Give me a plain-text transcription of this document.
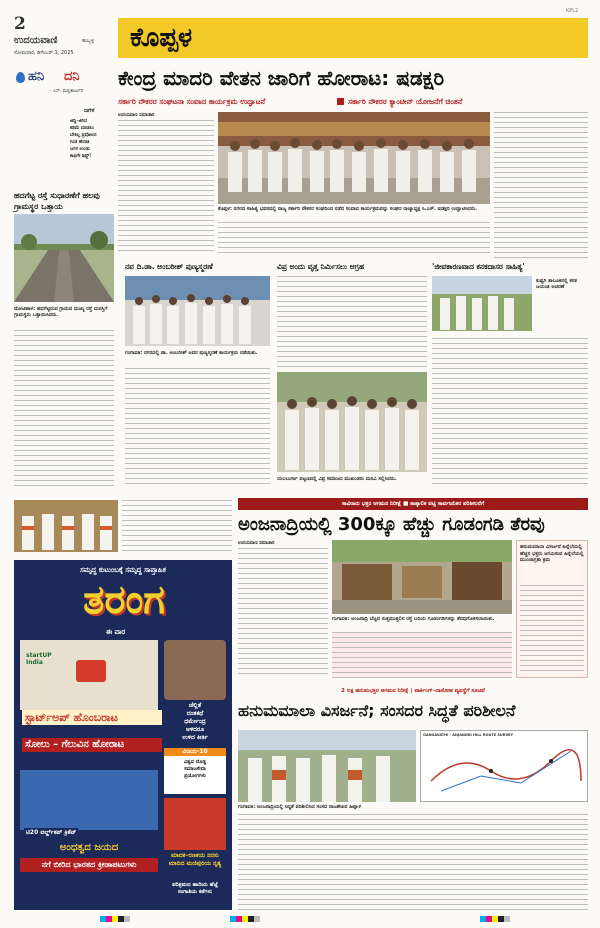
2
ಉದಯವಾಣಿ	ಹುಬ್ಬಳ್ಳಿ
ಸೋಮವಾರ, ಡಿಸೆಂಬರ್ 1, 2025 ಕೊಪ್ಪಳ
KPL2
ಹನಿ ದನಿ
- ಎಸ್. ಮಲ್ಲಿಕಾರ್ಜುನ
ಜಗಳ
ಜಿದ್ದಿ–ಜಿಗಿದ
ಕಡಿಮೆ ಮಾಡಲು
ಬೇಕಿಲ್ಲ ಪ್ರವೋಲನ
ಗಂಡ ಹೆಂಡತಿ
ಜಗಳ ಉಂಡು
ಕಾಫಿಗೇ ಶಿಫ್ಟ್!
ಹದಗೆಟ್ಟ ರಸ್ತೆ ಸುಧಾರಣೆಗೆ ಹಲವು ಗ್ರಾಮಸ್ಥರ ಒತ್ತಾಯ
ದೋಟಿಹಾಳ: ಹದಗೆಟ್ಟಿರುವ ಗ್ರಾಮದ ಮುಖ್ಯ ರಸ್ತೆ ದುರಸ್ತಿಗೆ ಗ್ರಾಮಸ್ಥರು ಒತ್ತಾಯಿಸಿದರು.
ಕೇಂದ್ರ ಮಾದರಿ ವೇತನ ಜಾರಿಗೆ ಹೋರಾಟ: ಷಡಕ್ಷರಿ
ಸರ್ಕಾರಿ ನೌಕರರ ಸಂಘಟನಾ ಸಂವಾದ ಕಾರ್ಯಕ್ರಮ ಉದ್ಘಾಟನೆ	ಸರ್ಕಾರಿ ನೌಕರರ ಕ್ಯಾಂಟೀನ್ ಯೋಜನೆಗೆ ಚಿಂತನೆ
ಉದಯವಾಣಿ ಸಮಾಚಾರ
ಕೊಪ್ಪಳ: ನಗರದ ಸಾಹಿತ್ಯ ಭವನದಲ್ಲಿ ರಾಜ್ಯ ಸರ್ಕಾರಿ ನೌಕರರ ಸಂಘದಿಂದ ನಡೆದ ಸಂವಾದ ಕಾರ್ಯಕ್ರಮವನ್ನು ಸಂಘದ ರಾಜ್ಯಾಧ್ಯಕ್ಷ ಸಿ.ಎಸ್. ಷಡಕ್ಷರಿ ಉದ್ಘಾಟಿಸಿದರು.
ನವ ದಿ.ಡಾ. ಅಂಬರೀಶ್ ಪುಣ್ಯಸ್ಮರಣೆ
ಗಂಗಾವತಿ: ನಗರದಲ್ಲಿ ಡಾ. ಅಂಬರೀಶ್ ಅವರ ಪುಣ್ಯಸ್ಮರಣೆ ಕಾರ್ಯಕ್ರಮ ನಡೆಯಿತು.
ವಿಪ್ರ ಅಂದು ವೃತ್ತ ನಿರ್ಮಿಸಲು ಆಗ್ರಹ
ಯಲಬುರ್ಗಾ ಪಟ್ಟಣದಲ್ಲಿ ವಿಪ್ರ ಸಮಾಜದ ಮುಖಂಡರು ಮನವಿ ಸಲ್ಲಿಸಿದರು.
'ಜೀವಕಾರಣವಾದ ಕನಕದಾಸರ ಸಾಹಿತ್ಯ'
ಕುಷ್ಟಗಿ ತಾಲೂಕಿನಲ್ಲಿ ಕನಕ ಜಯಂತಿ ಆಚರಣೆ
ಸಮೃದ್ಧ ಕುಟುಂಬಕ್ಕೆ ಸಮೃದ್ಧ ಸಾಪ್ತಾಹಿಕ
ತರಂಗ
ಈ ವಾರ
startUP India
ಚೆಲ್ಲಿತೆ
ದಂತಕಥೆ
ಧರ್ಮೇಂದ್ರ
ಅಳಿದರೂ
ಉಳಿದ ಕೀರ್ತಿ
ಸ್ಟಾರ್ಟ್‌ಅಪ್ ಹೊಂಬರಾಟ
ಸೋಲು – ಗೆಲುವಿನ ಹೋರಾಟ
ವಿಜಯ-10
ವಿಶ್ವದ ದೊಡ್ಡ
ಸಮಾಜಸೇವಾ
ಪ್ರಯೋಗಗಳು
ಟಿ20 ವರ್ಲ್ಡ್‌ಕಪ್ ಕ್ರಿಕೆಟ್
ಅಂಧತ್ವದ ಜಯದ
ನಗೆ ಬೀರಿದ ಭಾರತದ ಕ್ರೀಡಾಪಟುಗಳು
ಮಾದಕ–ರಣಕಯ ನನಸು ಮಾದಿದ ಮಣಿಪುರಿಯ ನೃತ್ಯ
ಪರಿಶ್ರಮದ ಹಾದಿಯ ಹೆಜ್ಜೆ ಸಂಗಾತಿಯ ಕತೆಗಳು
ಸಾವಿರಾರು ಭಕ್ತರ ಆಗಮನ ನಿರೀಕ್ಷೆ ■ ತಾತ್ಕಾಲಿಕ ಪಟ್ಟಿ ಸಾರ್ವಜನಿಕರ ಪರಿಶೀಲನೆಗೆ
ಅಂಜನಾದ್ರಿಯಲ್ಲಿ 300ಕ್ಕೂ ಹೆಚ್ಚು ಗೂಡಂಗಡಿ ತೆರವು
ಉದಯವಾಣಿ ಸಮಾಚಾರ
ಗಂಗಾವತಿ: ಅಂಜನಾದ್ರಿ ಬೆಟ್ಟದ ಸುತ್ತಮುತ್ತಲಿನ ರಸ್ತೆ ಬದಿಯ ಗೂಡಂಗಡಿಗಳನ್ನು ತೆರವುಗೊಳಿಸಲಾಯಿತು.
ಹನುಮಮಾಲಾ ವಿಸರ್ಜನೆ ಹಿನ್ನೆಲೆಯಲ್ಲಿ ಹೆಚ್ಚಿನ ಭಕ್ತರು ಆಗಮಿಸುವ ಹಿನ್ನೆಲೆಯಲ್ಲಿ ಮುಂಜಾಗ್ರತಾ ಕ್ರಮ
2 ಲಕ್ಷ ಹನುಮಭಕ್ತರ ಆಗಮನ ನಿರೀಕ್ಷೆ | ಪಾರ್ಕಿಂಗ್–ದಾಸೋಹ ವ್ಯವಸ್ಥೆಗೆ ಸೂಚನೆ
ಹನುಮಮಾಲಾ ವಿಸರ್ಜನೆ; ಸಂಸದರ ಸಿದ್ಧತೆ ಪರಿಶೀಲನೆ
GANGAVATHI - ANJANDRI HILL ROUTE SURVEY
ಗಂಗಾವತಿ: ಅಂಜನಾದ್ರಿಯಲ್ಲಿ ಸಿದ್ಧತೆ ಪರಿಶೀಲಿಸಿದ ಸಂಸದ ರಾಜಶೇಖರ ಹಿಟ್ನಾಳ
